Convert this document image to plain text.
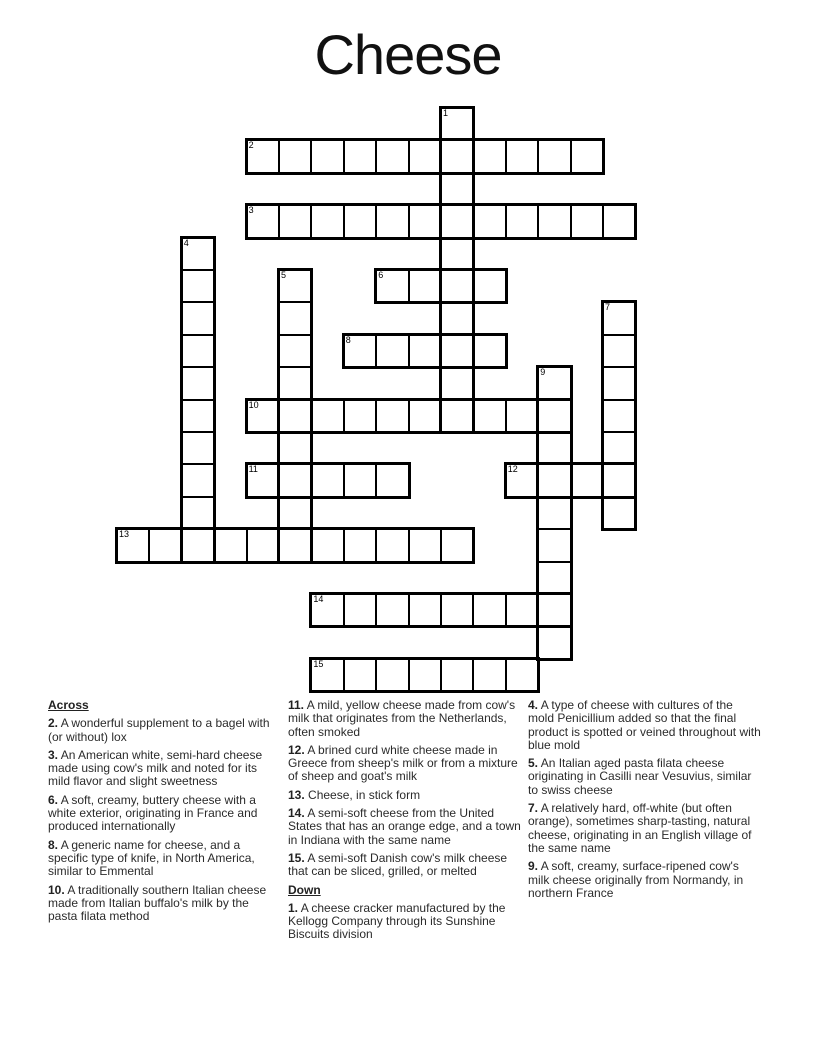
Cheese
1
2
3
4
5	6
7
8
9
10
11	12
13
14
15
Across
2. A wonderful supplement to a bagel with (or without) lox
3. An American white, semi-hard cheese made using cow's milk and noted for its mild flavor and slight sweetness
6. A soft, creamy, buttery cheese with a white exterior, originating in France and produced internationally
8. A generic name for cheese, and a specific type of knife, in North America, similar to Emmental
10. A traditionally southern Italian cheese made from Italian buffalo's milk by the pasta filata method
11. A mild, yellow cheese made from cow's milk that originates from the Netherlands, often smoked
12. A brined curd white cheese made in Greece from sheep's milk or from a mixture of sheep and goat's milk
13. Cheese, in stick form
14. A semi-soft cheese from the United States that has an orange edge, and a town in Indiana with the same name
15. A semi-soft Danish cow's milk cheese that can be sliced, grilled, or melted
Down
1. A cheese cracker manufactured by the Kellogg Company through its Sunshine Biscuits division
4. A type of cheese with cultures of the mold Penicillium added so that the final product is spotted or veined throughout with blue mold
5. An Italian aged pasta filata cheese originating in Casilli near Vesuvius, similar to swiss cheese
7. A relatively hard, off-white (but often orange), sometimes sharp-tasting, natural cheese, originating in an English village of the same name
9. A soft, creamy, surface-ripened cow's milk cheese originally from Normandy, in northern France
